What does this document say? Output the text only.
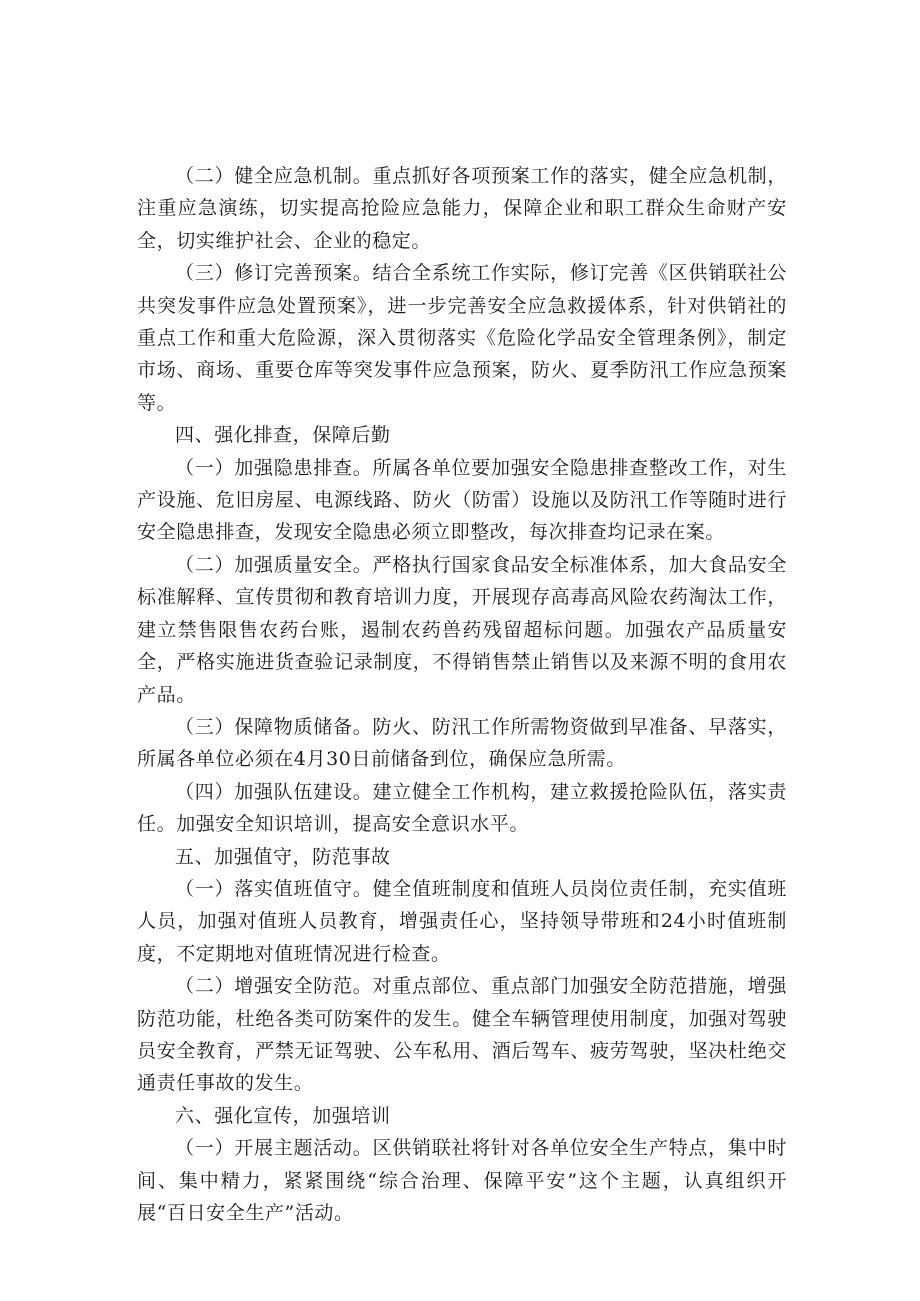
（二）健全应急机制。重点抓好各项预案工作的落实，健全应急机制，注重应急演练，切实提高抢险应急能力，保障企业和职工群众生命财产安全，切实维护社会、企业的稳定。

（三）修订完善预案。结合全系统工作实际，修订完善《区供销联社公共突发事件应急处置预案》，进一步完善安全应急救援体系，针对供销社的重点工作和重大危险源，深入贯彻落实《危险化学品安全管理条例》，制定市场、商场、重要仓库等突发事件应急预案，防火、夏季防汛工作应急预案等。

四、强化排查，保障后勤

（一）加强隐患排查。所属各单位要加强安全隐患排查整改工作，对生产设施、危旧房屋、电源线路、防火（防雷）设施以及防汛工作等随时进行安全隐患排查，发现安全隐患必须立即整改，每次排查均记录在案。

（二）加强质量安全。严格执行国家食品安全标准体系，加大食品安全标准解释、宣传贯彻和教育培训力度，开展现存高毒高风险农药淘汰工作，建立禁售限售农药台账，遏制农药兽药残留超标问题。加强农产品质量安全，严格实施进货查验记录制度，不得销售禁止销售以及来源不明的食用农产品。

（三）保障物质储备。防火、防汛工作所需物资做到早准备、早落实，所属各单位必须在4月30日前储备到位，确保应急所需。

（四）加强队伍建设。建立健全工作机构，建立救援抢险队伍，落实责任。加强安全知识培训，提高安全意识水平。

五、加强值守，防范事故

（一）落实值班值守。健全值班制度和值班人员岗位责任制，充实值班人员，加强对值班人员教育，增强责任心，坚持领导带班和24小时值班制度，不定期地对值班情况进行检查。

（二）增强安全防范。对重点部位、重点部门加强安全防范措施，增强防范功能，杜绝各类可防案件的发生。健全车辆管理使用制度，加强对驾驶员安全教育，严禁无证驾驶、公车私用、酒后驾车、疲劳驾驶，坚决杜绝交通责任事故的发生。

六、强化宣传，加强培训

（一）开展主题活动。区供销联社将针对各单位安全生产特点，集中时间、集中精力，紧紧围绕“综合治理、保障平安”这个主题，认真组织开展“百日安全生产”活动。
